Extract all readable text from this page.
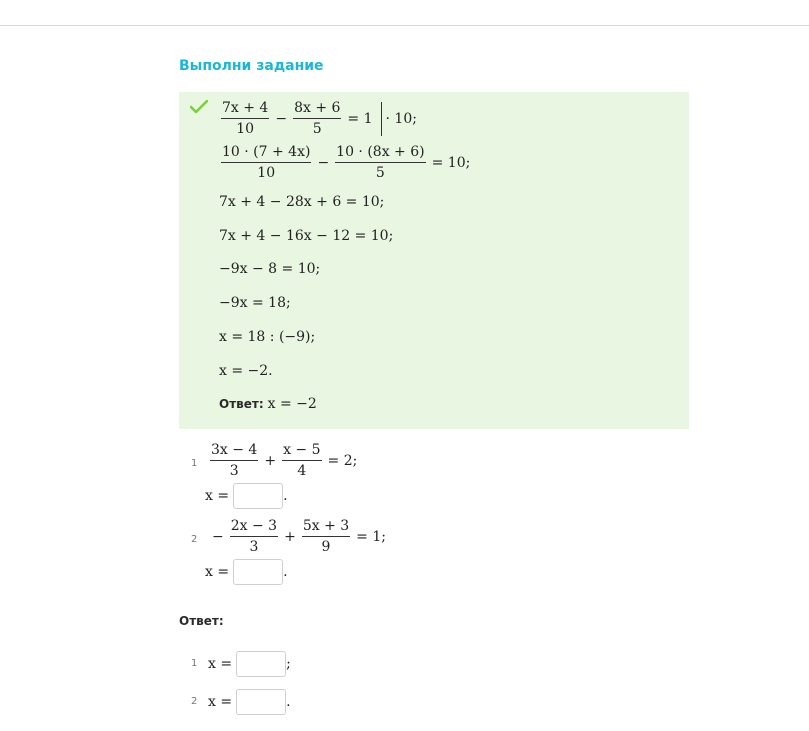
Выполни задание
$\frac{7x + 4}{10} - \frac{8x + 6}{5} = 1 \cdot 10$;
$\frac{10 \cdot (7 + 4x)}{10} - \frac{10 \cdot (8x + 6)}{5} = 10$;
7x + 4 − 28x + 6 = 10;
7x + 4 − 16x − 12 = 10;
−9x − 8 = 10;
−9x = 18;
x = 18 : (−9);
x = −2.
Ответ: x = −2
$1 \frac{3x - 4}{3} + \frac{x - 5}{4} = 2$;
x =	.
$2 - \frac{2x - 3}{3} + \frac{5x + 3}{9} = 1$;
x =	.
Ответ:
1 x =	;
2 x =	.
